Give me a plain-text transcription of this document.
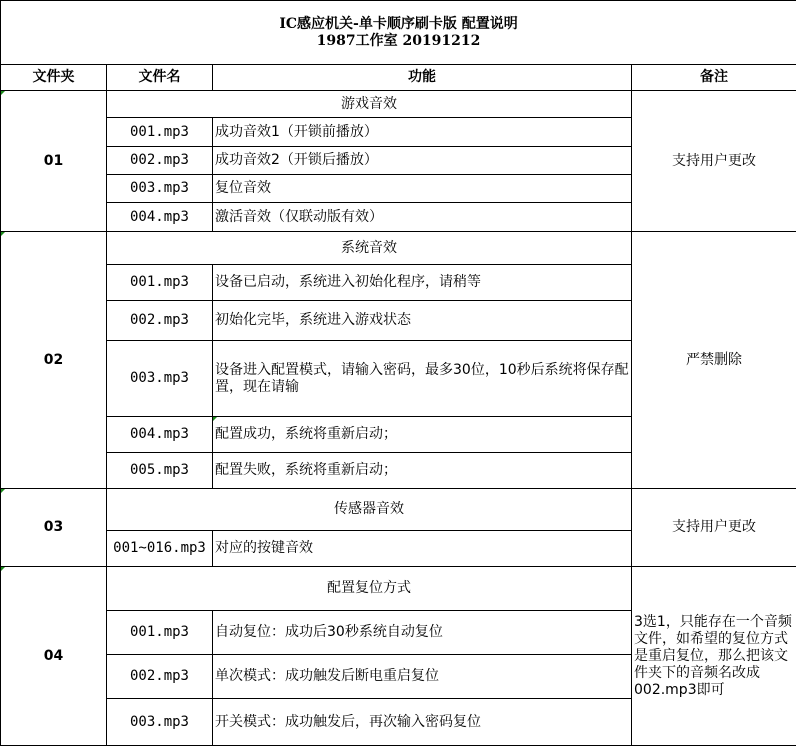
IC感应机关-单卡顺序刷卡版 配置说明
1987工作室 20191212			

文件夹	文件名	功能	备注
01	游戏音效		支持用户更改
	001.mp3	成功音效1（开锁前播放）	
	002.mp3	成功音效2（开锁后播放）	
	003.mp3	复位音效	
	004.mp3	激活音效（仅联动版有效）	
02	系统音效		严禁删除
	001.mp3	设备已启动，系统进入初始化程序，请稍等	
	002.mp3	初始化完毕，系统进入游戏状态	
	003.mp3	设备进入配置模式，请输入密码，最多30位，10秒后系统将保存配置，现在请输	
	004.mp3	配置成功，系统将重新启动；	
	005.mp3	配置失败，系统将重新启动；	
03	传感器音效		支持用户更改
	001~016.mp3	对应的按键音效	
04	配置复位方式		3选1，只能存在一个音频文件，如希望的复位方式是重启复位，那么把该文件夹下的音频名改成002.mp3即可
	001.mp3	自动复位：成功后30秒系统自动复位	
	002.mp3	单次模式：成功触发后断电重启复位	
	003.mp3	开关模式：成功触发后，再次输入密码复位	
